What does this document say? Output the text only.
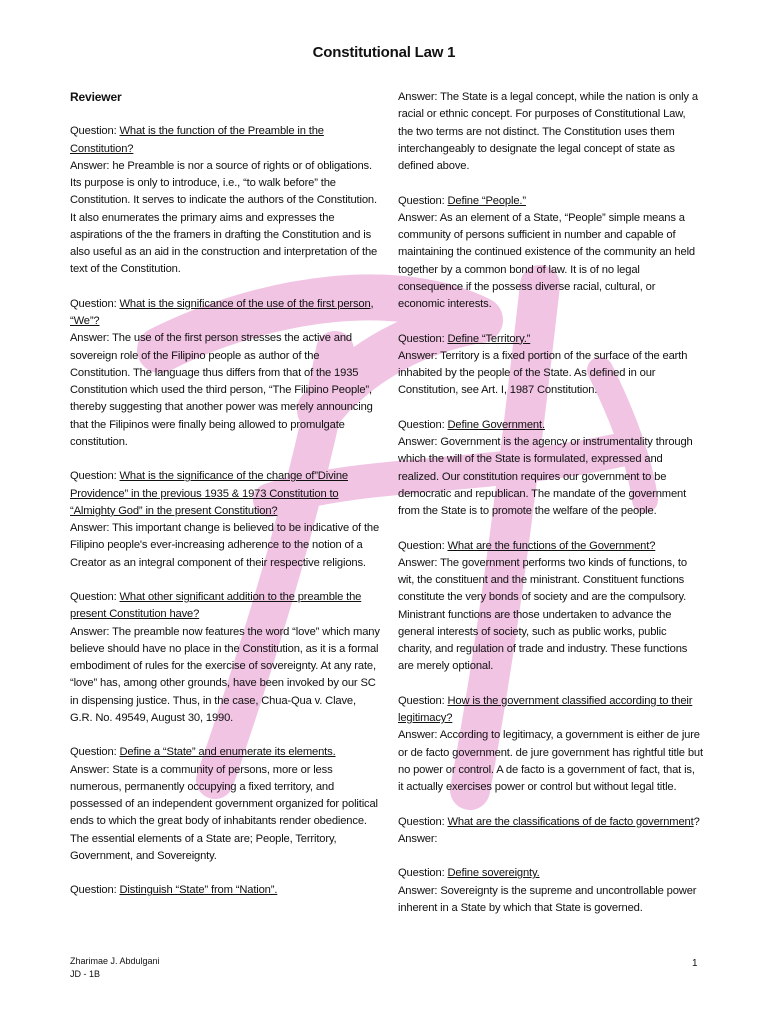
Constitutional Law 1
Reviewer
Question: What is the function of the Preamble in the Constitution?
Answer: he Preamble is nor a source of rights or of obligations. Its purpose is only to introduce, i.e., “to walk before” the Constitution. It serves to indicate the authors of the Constitution. It also enumerates the primary aims and expresses the aspirations of the the framers in drafting the Constitution and is also useful as an aid in the construction and interpretation of the text of the Constitution.
Question: What is the significance of the use of the first person, “We”?
Answer: The use of the first person stresses the active and sovereign role of the Filipino people as author of the Constitution. The language thus differs from that of the 1935 Constitution which used the third person, “The Filipino People”, thereby suggesting that another power was merely announcing that the Filipinos were finally being allowed to promulgate constitution.
Question: What is the significance of the change of”Divine Providence” in the previous 1935 & 1973 Constitution to “Almighty God” in the present Constitution?
Answer: This important change is believed to be indicative of the Filipino people's ever-increasing adherence to the notion of a Creator as an integral component of their respective religions.
Question: What other significant addition to the preamble the present Constitution have?
Answer: The preamble now features the word “love” which many believe should have no place in the Constitution, as it is a formal embodiment of rules for the exercise of sovereignty. At any rate, “love” has, among other grounds, have been invoked by our SC in dispensing justice. Thus, in the case, Chua-Qua v. Clave, G.R. No. 49549, August 30, 1990.
Question: Define a “State” and enumerate its elements.
Answer: State is a community of persons, more or less numerous, permanently occupying a fixed territory, and possessed of an independent government organized for political ends to which the great body of inhabitants render obedience. The essential elements of a State are; People, Territory, Government, and Sovereignty.
Question: Distinguish “State” from “Nation”.
Answer: The State is a legal concept, while the nation is only a racial or ethnic concept. For purposes of Constitutional Law, the two terms are not distinct. The Constitution uses them interchangeably to designate the legal concept of state as defined above.
Question: Define “People.”
Answer: As an element of a State, “People” simple means a community of persons sufficient in number and capable of maintaining the continued existence of the community an held together by a common bond of law. It is of no legal consequence if the possess diverse racial, cultural, or economic interests.
Question: Define “Territory.”
Answer: Territory is a fixed portion of the surface of the earth inhabited by the people of the State. As defined in our Constitution, see Art. I, 1987 Constitution.
Question: Define Government.
Answer: Government is the agency or instrumentality through which the will of the State is formulated, expressed and realized. Our constitution requires our government to be democratic and republican. The mandate of the government from the State is to promote the welfare of the people.
Question: What are the functions of the Government?
Answer: The government performs two kinds of functions, to wit, the constituent and the ministrant. Constituent functions constitute the very bonds of society and are the compulsory. Ministrant functions are those undertaken to advance the general interests of society, such as public works, public charity, and regulation of trade and industry. These functions are merely optional.
Question: How is the government classified according to their legitimacy?
Answer: According to legitimacy, a government is either de jure or de facto government. de jure government has rightful title but no power or control. A de facto is a government of fact, that is, it actually exercises power or control but without legal title.
Question: What are the classifications of de facto government?
Answer:
Question: Define sovereignty.
Answer: Sovereignty is the supreme and uncontrollable power inherent in a State by which that State is governed.
Zharimae J. Abdulgani
JD - 1B
1
